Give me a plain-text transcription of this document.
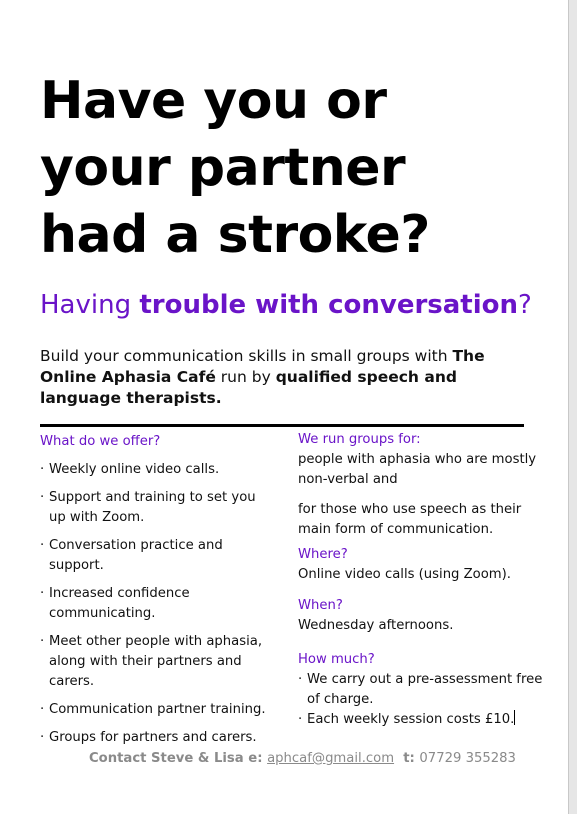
Have you or
your partner
had a stroke?
Having trouble with conversation?
Build your communication skills in small groups with The Online Aphasia Café run by qualified speech and language therapists.
What do we offer?
· Weekly online video calls.
· Support and training to set you up with Zoom.
· Conversation practice and support.
· Increased confidence communicating.
· Meet other people with aphasia, along with their partners and carers.
· Communication partner training.
· Groups for partners and carers.
We run groups for:

people with aphasia who are mostly non-verbal and

for those who use speech as their main form of communication.

Where?

Online video calls (using Zoom).

When?

Wednesday afternoons.

How much?
· We carry out a pre-assessment free of charge.
· Each weekly session costs £10.
Contact Steve & Lisa e: aphcaf@gmail.com  t: 07729 355283
